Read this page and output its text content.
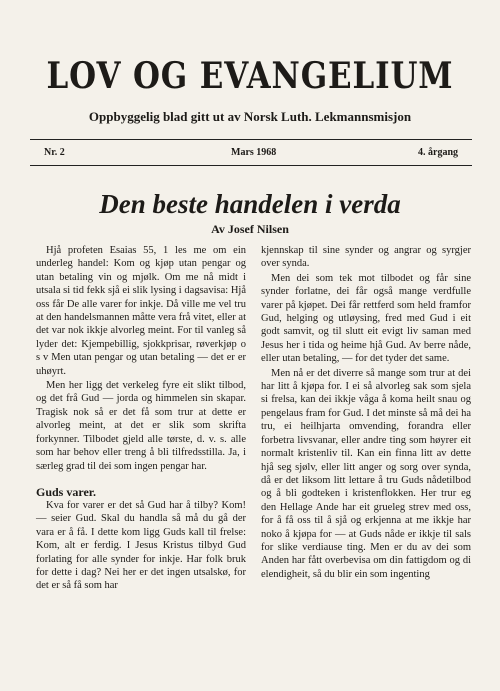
LOV OG EVANGELIUM
Oppbyggelig blad gitt ut av Norsk Luth. Lekmannsmisjon
Nr. 2	Mars 1968	4. årgang
Den beste handelen i verda
Av Josef Nilsen

Hjå profeten Esaias 55, 1 les me om ein underleg handel: Kom og kjøp utan pengar og utan betaling vin og mjølk. Om me nå midt i utsala si tid fekk sjå ei slik lysing i dagsavisa: Hjå oss får De alle varer for inkje. Då ville me vel tru at den handelsmannen måtte vera frå vitet, eller at det var nok ikkje alvorleg meint. For til vanleg så lyder det: Kjempebillig, sjokkprisar, røverkjøp o s v Men utan pengar og utan betaling — det er er uhøyrt.

Men her ligg det verkeleg fyre eit slikt tilbod, og det frå Gud — jorda og himmelen sin skapar. Tragisk nok så er det få som trur at dette er alvorleg meint, at det er slik som skrifta forkynner. Tilbodet gjeld alle tørste, d. v. s. alle som har behov eller treng å bli tilfredsstilla. Ja, i særleg grad til dei som ingen pengar har.

Guds varer.

Kva for varer er det så Gud har å tilby? Kom! — seier Gud. Skal du handla så må du gå der vara er å få. I dette kom ligg Guds kall til frelse: Kom, alt er ferdig. I Jesus Kristus tilbyd Gud forlating for alle synder for inkje. Har folk bruk for dette i dag? Nei her er det ingen utsalskø, for det er så få som har

kjennskap til sine synder og angrar og syrgjer over synda.

Men dei som tek mot tilbodet og får sine synder forlatne, dei får også mange verdfulle varer på kjøpet. Dei får rettferd som held framfor Gud, helging og utløysing, fred med Gud i eit godt samvit, og til slutt eit evigt liv saman med Jesus her i tida og heime hjå Gud. Av berre nåde, eller utan betaling, — for det tyder det same.

Men nå er det diverre så mange som trur at dei har litt å kjøpa for. I ei så alvorleg sak som sjela si frelsa, kan dei ikkje våga å koma heilt snau og pengelaus fram for Gud. I det minste så må dei ha tru, ei heilhjarta omvending, forandra eller forbetra livsvanar, eller andre ting som høyrer eit normalt kristenliv til. Kan ein finna litt av dette hjå seg sjølv, eller litt anger og sorg over synda, då er det liksom litt lettare å tru Guds nådetilbod og å bli godteken i kristenflokken. Her trur eg den Hellage Ande har eit grueleg strev med oss, for å få oss til å sjå og erkjenna at me ikkje har noko å kjøpa for — at Guds nåde er ikkje til sals for slike verdiause ting. Men er du av dei som Anden har fått overbevisa om din fattigdom og di elendigheit, så du blir ein som ingenting
